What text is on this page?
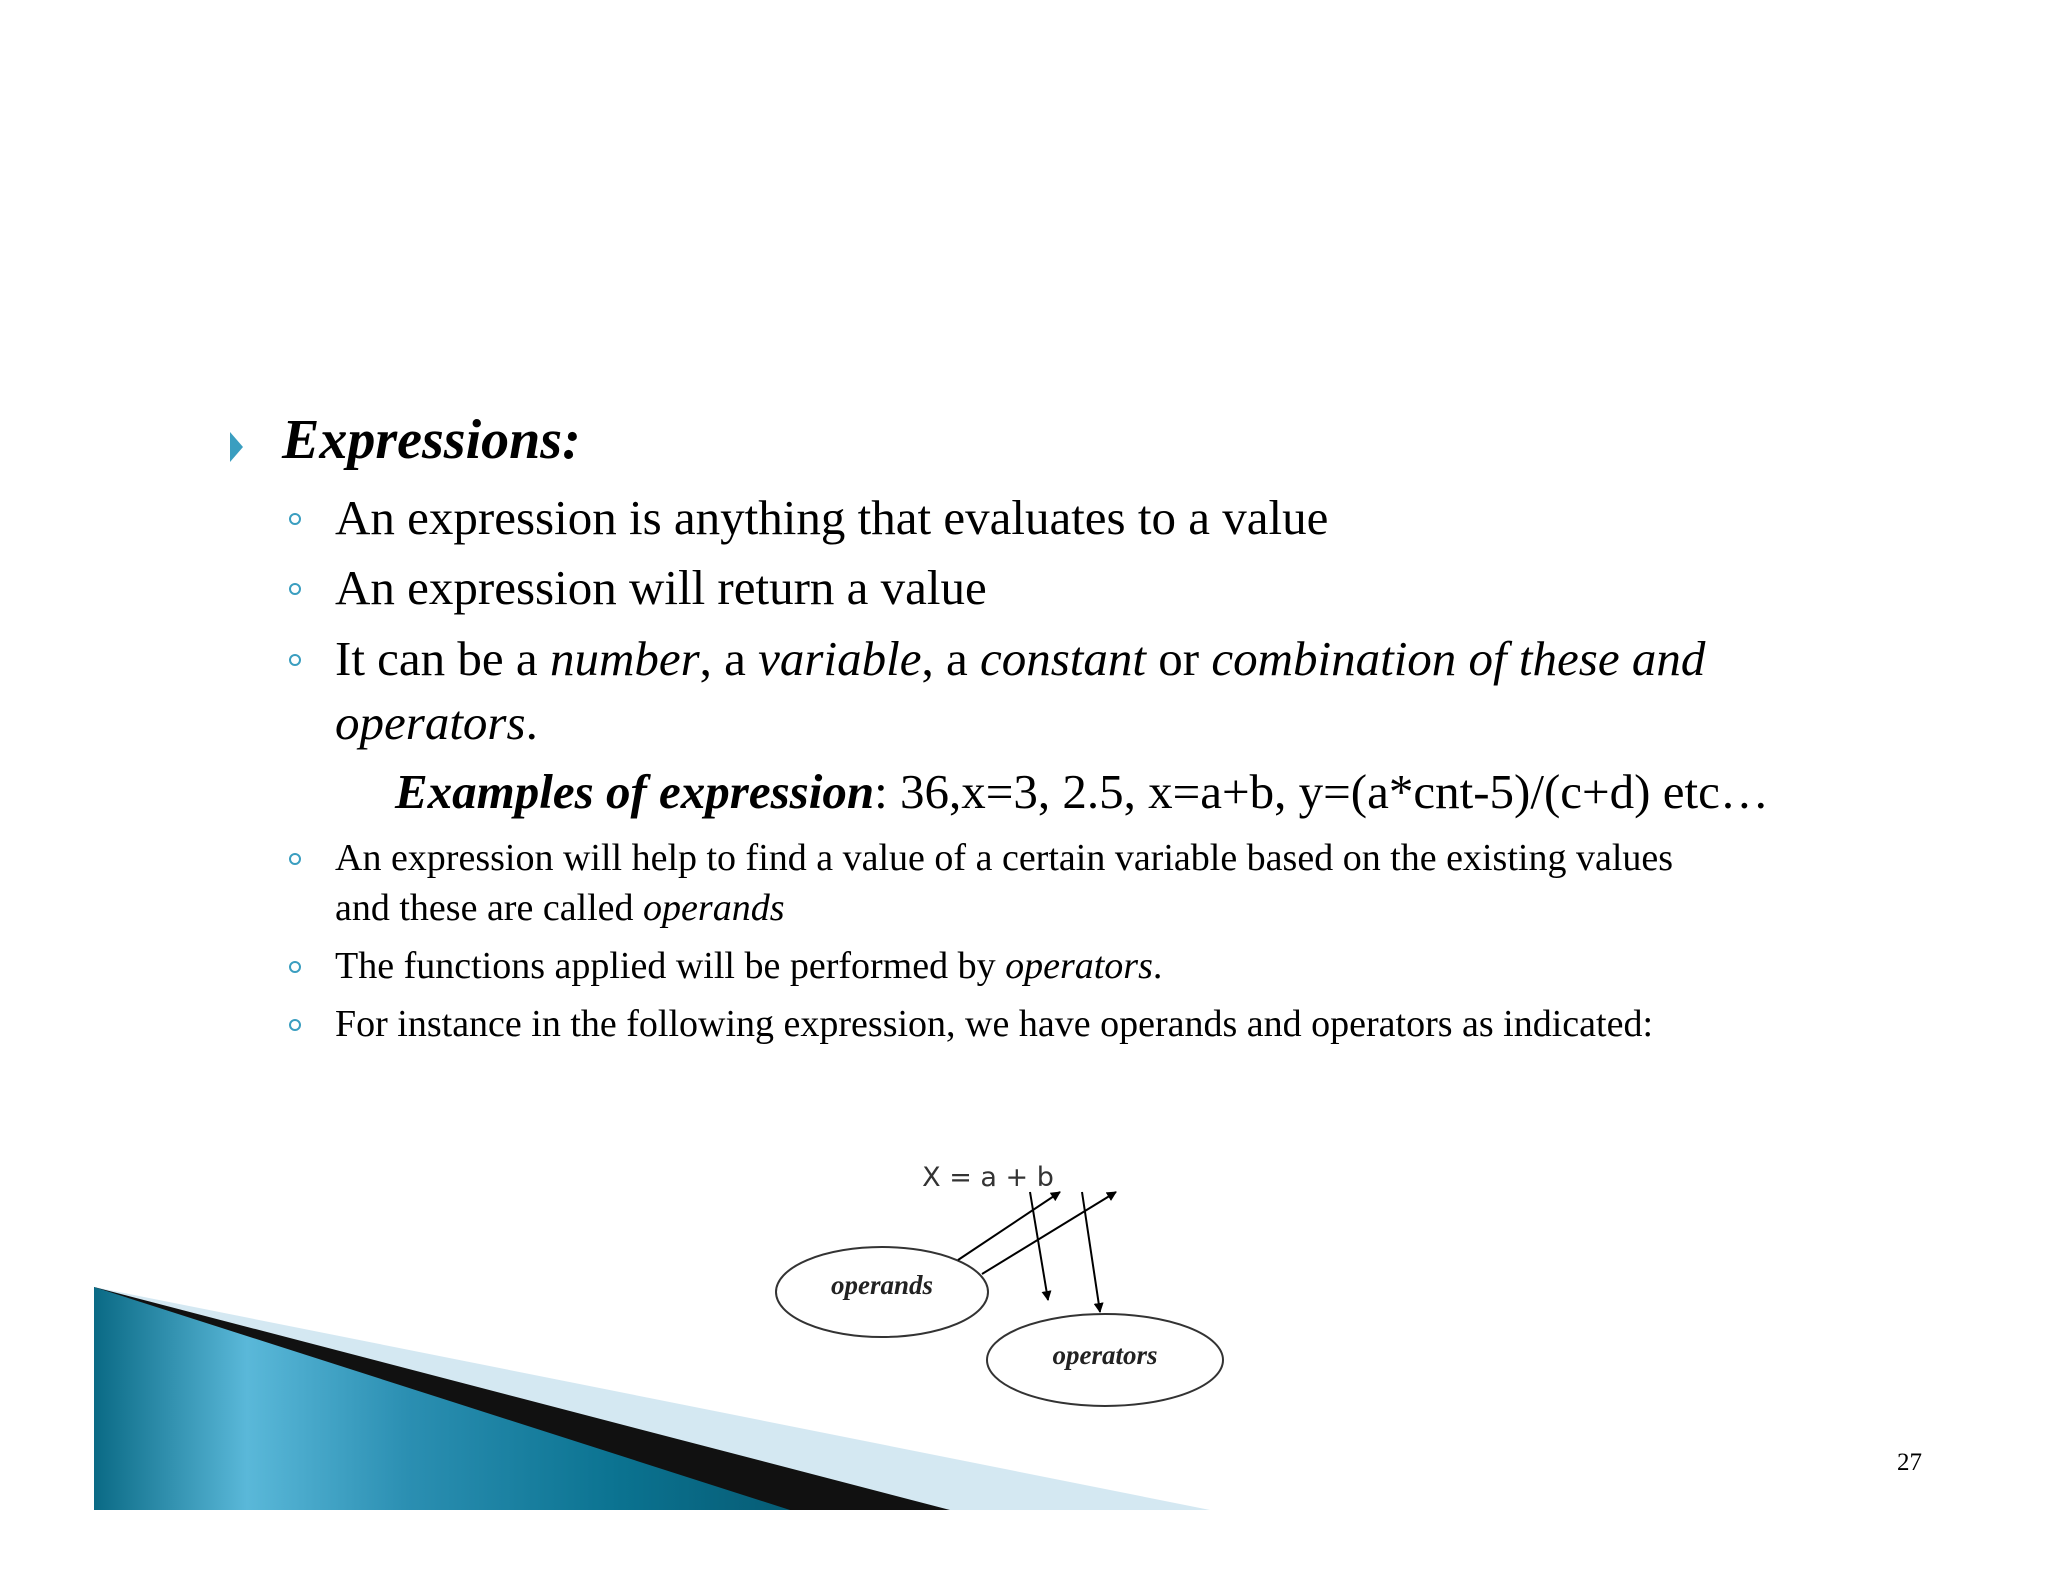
Expressions:
An expression is anything that evaluates to a value
An expression will return a value
It can be a number, a variable, a constant or combination of these and
operators.
Examples of expression: 36,x=3, 2.5, x=a+b, y=(a*cnt-5)/(c+d) etc…
An expression will help to find a value of a certain variable based on the existing values
and these are called operands
The functions applied will be performed by operators.
For instance in the following expression, we have operands and operators as indicated:
X = a + b
operands
operators
27
